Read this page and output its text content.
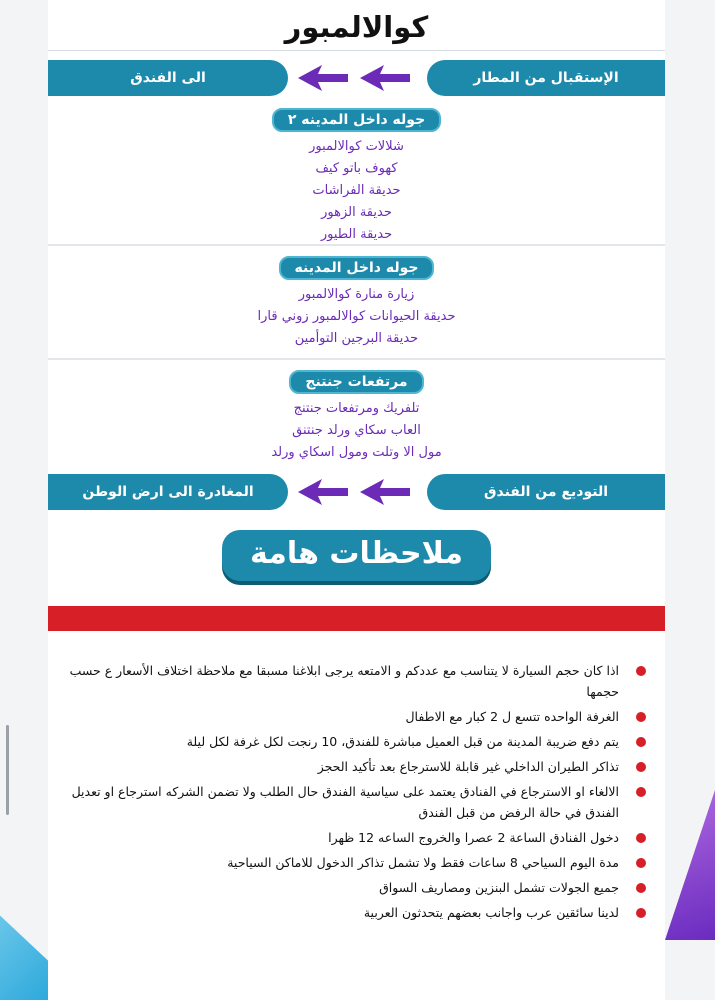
كوالالمبور
الإستقبال من المطار
الى الفندق
جوله داخل المدينه ٢
شلالات كوالالمبور
كهوف باتو كيف
حديقة الفراشات
حديقة الزهور
حديقة الطيور
جوله داخل المدينه
زيارة منارة كوالالمبور
حديقة الحيوانات كوالالمبور زوني قارا
حديقة البرجين التوأمين
مرتفعات جنتنج
تلفريك ومرتفعات جنتنج
العاب سكاي ورلد جنتنق
مول الا وتلت ومول اسكاي ورلد
التوديع من الفندق
المغادرة الى ارض الوطن
ملاحظات هامة
اذا كان حجم السيارة لا يتناسب مع عددكم و الامتعه يرجى ابلاغنا مسبقا مع ملاحظة اختلاف الأسعار ع حسب حجمها
الغرفة الواحده تتسع ل 2 كبار مع الاطفال
يتم دفع ضريبة المدينة من قبل العميل مباشرة للفندق، 10 رنجت لكل غرفة لكل ليلة
تذاكر الطيران الداخلي غير قابلة للاسترجاع بعد تأكيد الحجز
الالغاء او الاسترجاع في الفنادق يعتمد على سياسية الفندق حال الطلب ولا تضمن الشركه استرجاع او تعديل الفندق في حالة الرفض من قبل الفندق
دخول الفنادق الساعة 2 عصرا والخروج الساعه 12 ظهرا
مدة اليوم السياحي 8 ساعات فقط ولا تشمل تذاكر الدخول للاماكن السياحية
جميع الجولات تشمل البنزين ومصاريف السواق
لدينا سائقين عرب واجانب بعضهم يتحدثون العربية
